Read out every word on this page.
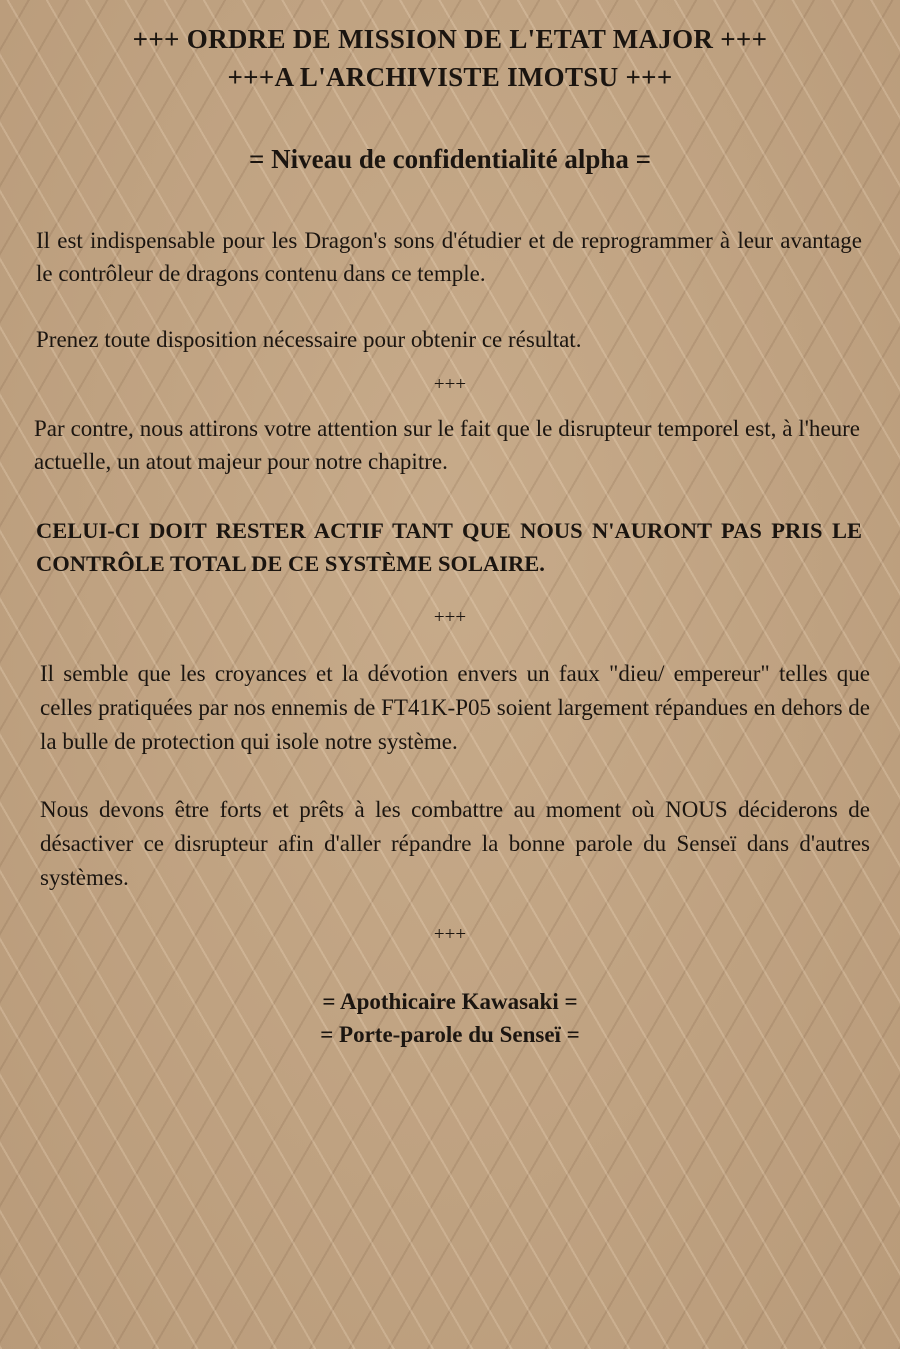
+++ ORDRE DE MISSION DE L'ETAT MAJOR +++
+++A L'ARCHIVISTE IMOTSU +++
= Niveau de confidentialité alpha =
Il est indispensable pour les Dragon's sons d'étudier et de reprogrammer à leur avantage le contrôleur de dragons contenu dans ce temple.
Prenez toute disposition nécessaire pour obtenir ce résultat.
+++
Par contre, nous attirons votre attention sur le fait que le disrupteur temporel est, à l'heure actuelle, un atout majeur pour notre chapitre.
CELUI-CI DOIT RESTER ACTIF TANT QUE NOUS N'AURONT PAS PRIS LE CONTRÔLE TOTAL DE CE SYSTÈME SOLAIRE.
+++
Il semble que les croyances et la dévotion envers un faux "dieu/ empereur" telles que celles pratiquées par nos ennemis de FT41K-P05 soient largement répandues en dehors de la bulle de protection qui isole notre système.
Nous devons être forts et prêts à les combattre au moment où NOUS déciderons de désactiver ce disrupteur afin d'aller répandre la bonne parole du Senseï dans d'autres systèmes.
+++
= Apothicaire Kawasaki =
= Porte-parole du Senseï =
